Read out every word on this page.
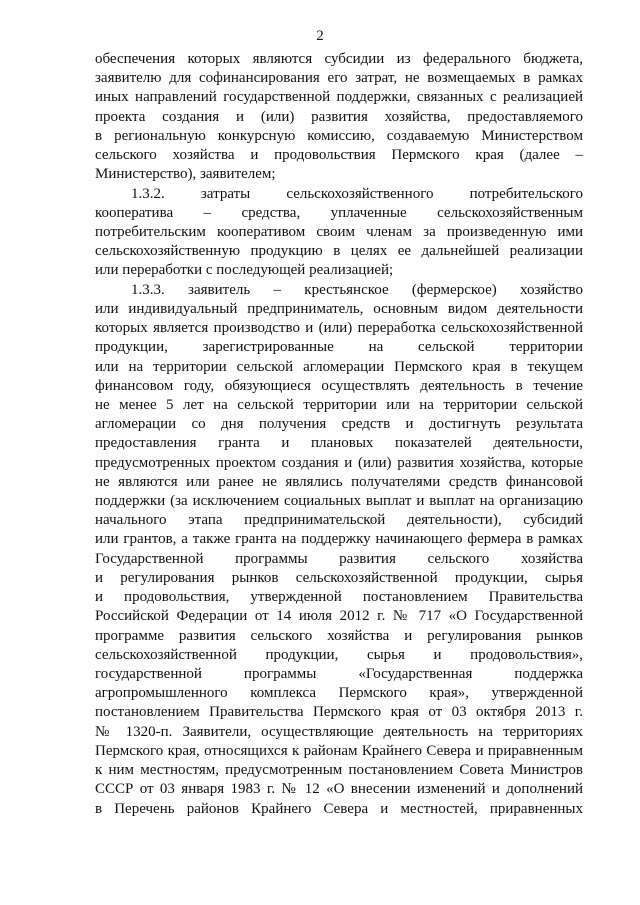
2
обеспечения которых являются субсидии из федерального бюджета,
заявителю для софинансирования его затрат, не возмещаемых в рамках
иных направлений государственной поддержки, связанных с реализацией
проекта создания и (или) развития хозяйства, предоставляемого
в региональную конкурсную комиссию, создаваемую Министерством
сельского хозяйства и продовольствия Пермского края (далее –
Министерство), заявителем;
1.3.2. затраты сельскохозяйственного потребительского
кооператива – средства, уплаченные сельскохозяйственным
потребительским кооперативом своим членам за произведенную ими
сельскохозяйственную продукцию в целях ее дальнейшей реализации
или переработки с последующей реализацией;
1.3.3. заявитель – крестьянское (фермерское) хозяйство
или индивидуальный предприниматель, основным видом деятельности
которых является производство и (или) переработка сельскохозяйственной
продукции, зарегистрированные на сельской территории
или на территории сельской агломерации Пермского края в текущем
финансовом году, обязующиеся осуществлять деятельность в течение
не менее 5 лет на сельской территории или на территории сельской
агломерации со дня получения средств и достигнуть результата
предоставления гранта и плановых показателей деятельности,
предусмотренных проектом создания и (или) развития хозяйства, которые
не являются или ранее не являлись получателями средств финансовой
поддержки (за исключением социальных выплат и выплат на организацию
начального этапа предпринимательской деятельности), субсидий
или грантов, а также гранта на поддержку начинающего фермера в рамках
Государственной программы развития сельского хозяйства
и регулирования рынков сельскохозяйственной продукции, сырья
и продовольствия, утвержденной постановлением Правительства
Российской Федерации от 14 июля 2012 г. № 717 «О Государственной
программе развития сельского хозяйства и регулирования рынков
сельскохозяйственной продукции, сырья и продовольствия»,
государственной программы «Государственная поддержка
агропромышленного комплекса Пермского края», утвержденной
постановлением Правительства Пермского края от 03 октября 2013 г.
№ 1320-п. Заявители, осуществляющие деятельность на территориях
Пермского края, относящихся к районам Крайнего Севера и приравненным
к ним местностям, предусмотренным постановлением Совета Министров
СССР от 03 января 1983 г. № 12 «О внесении изменений и дополнений
в Перечень районов Крайнего Севера и местностей, приравненных
